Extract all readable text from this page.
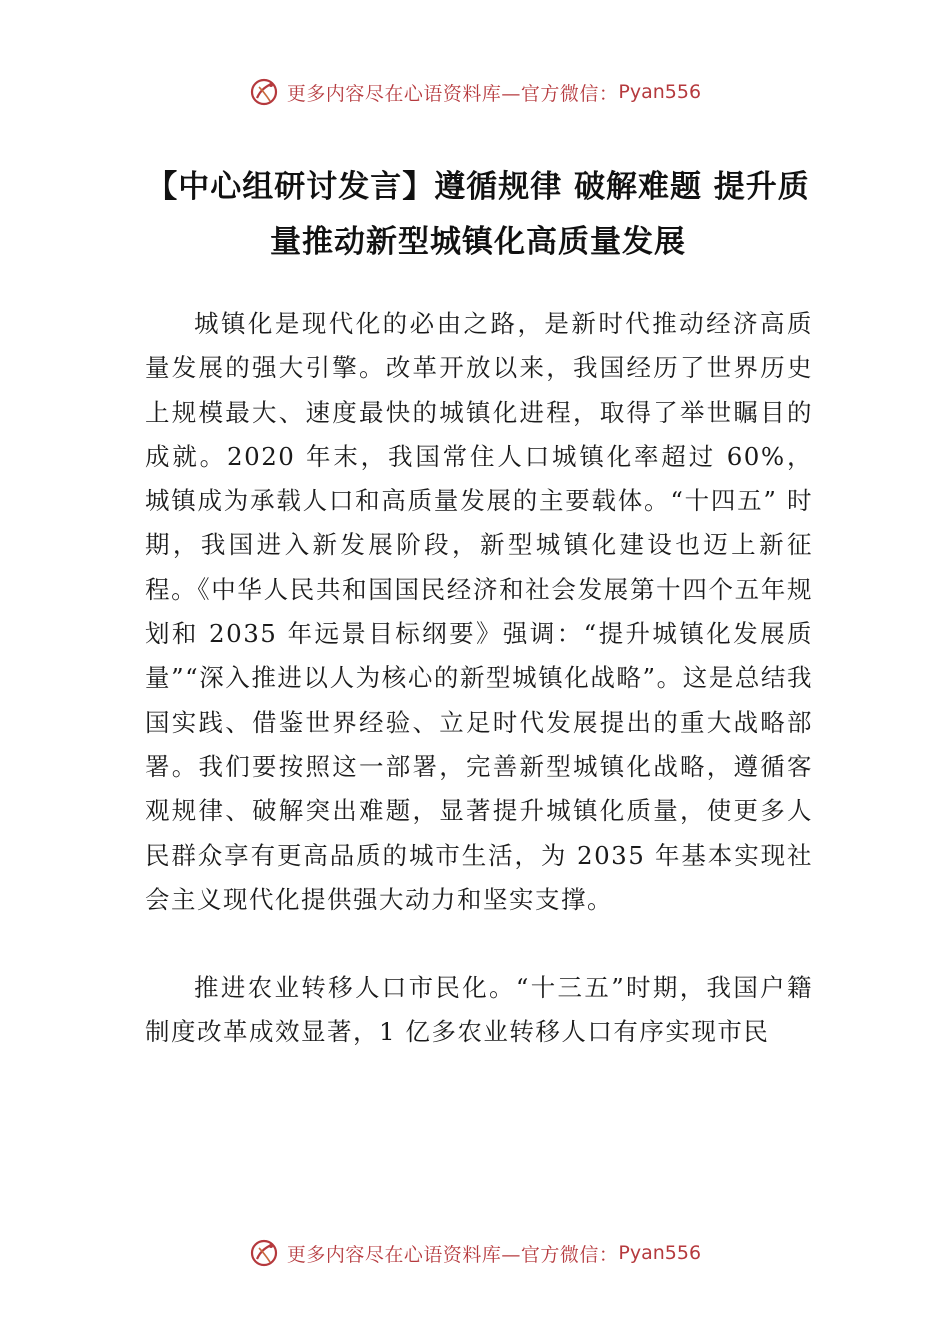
更多内容尽在心语资料库—官方微信： Pyan556
【中心组研讨发言】遵循规律 破解难题 提升质量推动新型城镇化高质量发展

城镇化是现代化的必由之路，是新时代推动经济高质量发展的强大引擎。改革开放以来，我国经历了世界历史上规模最大、速度最快的城镇化进程，取得了举世瞩目的成就。2020 年末，我国常住人口城镇化率超过 60%， 城镇成为承载人口和高质量发展的主要载体。“十四五” 时期，我国进入新发展阶段，新型城镇化建设也迈上新征程。《中华人民共和国国民经济和社会发展第十四个五年规划和 2035 年远景目标纲要》强调：“提升城镇化发展质量”“深入推进以人为核心的新型城镇化战略”。这是总结我国实践、借鉴世界经验、立足时代发展提出的重大战略部署。我们要按照这一部署，完善新型城镇化战略，遵循客观规律、破解突出难题，显著提升城镇化质量，使更多人民群众享有更高品质的城市生活，为 2035 年基本实现社会主义现代化提供强大动力和坚实支撑。

推进农业转移人口市民化。“十三五”时期，我国户籍制度改革成效显著，1 亿多农业转移人口有序实现市民

更多内容尽在心语资料库—官方微信： Pyan556
